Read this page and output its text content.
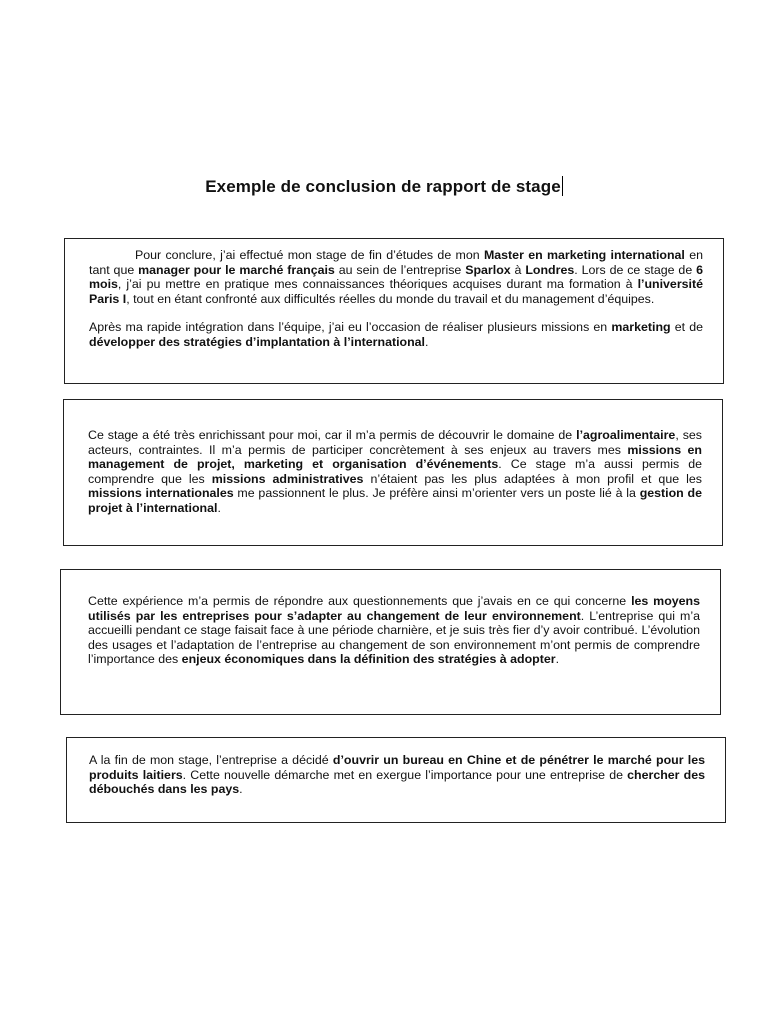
Exemple de conclusion de rapport de stage

Pour conclure, j’ai effectué mon stage de fin d’études de mon Master en marketing international en tant que manager pour le marché français au sein de l’entreprise Sparlox à Londres. Lors de ce stage de 6 mois, j’ai pu mettre en pratique mes connaissances théoriques acquises durant ma formation à l’université Paris I, tout en étant confronté aux difficultés réelles du monde du travail et du management d’équipes.

Après ma rapide intégration dans l’équipe, j’ai eu l’occasion de réaliser plusieurs missions en marketing et de développer des stratégies d’implantation à l’international.

Ce stage a été très enrichissant pour moi, car il m’a permis de découvrir le domaine de l’agroalimentaire, ses acteurs, contraintes. Il m’a permis de participer concrètement à ses enjeux au travers mes missions en management de projet, marketing et organisation d’événements. Ce stage m’a aussi permis de comprendre que les missions administratives n’étaient pas les plus adaptées à mon profil et que les missions internationales me passionnent le plus. Je préfère ainsi m’orienter vers un poste lié à la gestion de projet à l’international.

Cette expérience m’a permis de répondre aux questionnements que j’avais en ce qui concerne les moyens utilisés par les entreprises pour s’adapter au changement de leur environnement. L’entreprise qui m’a accueilli pendant ce stage faisait face à une période charnière, et je suis très fier d’y avoir contribué. L’évolution des usages et l’adaptation de l’entreprise au changement de son environnement m’ont permis de comprendre l’importance des enjeux économiques dans la définition des stratégies à adopter.

A la fin de mon stage, l’entreprise a décidé d’ouvrir un bureau en Chine et de pénétrer le marché pour les produits laitiers. Cette nouvelle démarche met en exergue l’importance pour une entreprise de chercher des débouchés dans les pays.
